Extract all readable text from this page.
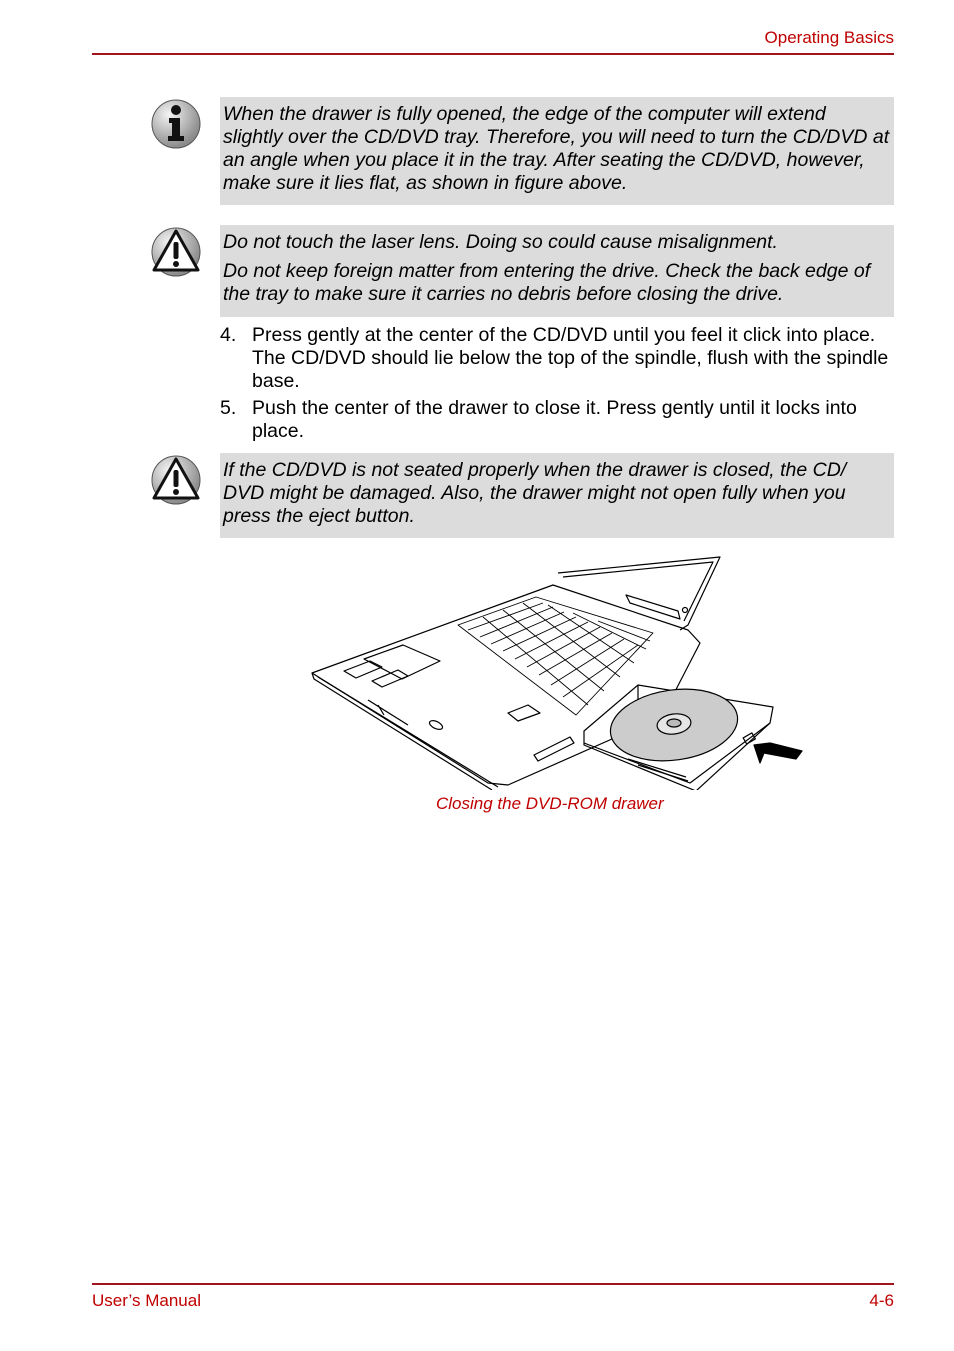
Operating Basics

When the drawer is fully opened, the edge of the computer will extend slightly over the CD/DVD tray. Therefore, you will need to turn the CD/DVD at an angle when you place it in the tray. After seating the CD/DVD, however, make sure it lies flat, as shown in figure above.

Do not touch the laser lens. Doing so could cause misalignment.

Do not keep foreign matter from entering the drive. Check the back edge of the tray to make sure it carries no debris before closing the drive.

4. Press gently at the center of the CD/DVD until you feel it click into place. The CD/DVD should lie below the top of the spindle, flush with the spindle base.
5. Push the center of the drawer to close it. Press gently until it locks into place.

If the CD/DVD is not seated properly when the drawer is closed, the CD/ DVD might be damaged. Also, the drawer might not open fully when you press the eject button.

Closing the DVD-ROM drawer
User’s Manual	4-6
